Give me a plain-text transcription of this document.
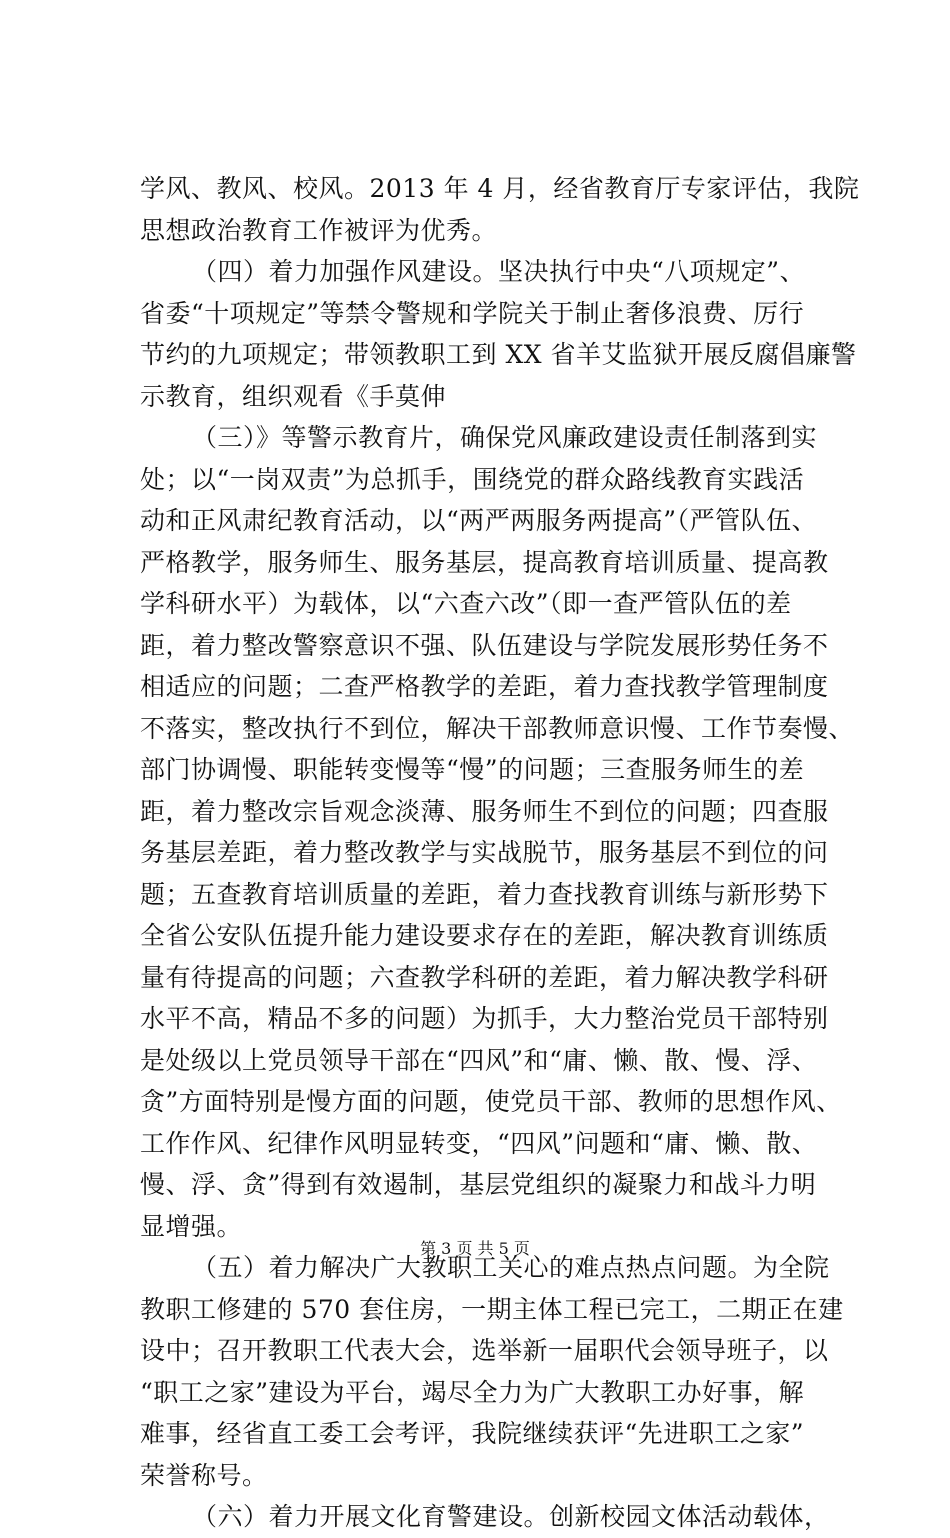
学风、教风、校风。2013 年 4 月，经省教育厅专家评估，我院
思想政治教育工作被评为优秀。
（四）着力加强作风建设。坚决执行中央“八项规定”、
省委“十项规定”等禁令警规和学院关于制止奢侈浪费、厉行
节约的九项规定；带领教职工到 XX 省羊艾监狱开展反腐倡廉警
示教育，组织观看《手莫伸
（三）》等警示教育片，确保党风廉政建设责任制落到实
处；以“一岗双责”为总抓手，围绕党的群众路线教育实践活
动和正风肃纪教育活动，以“两严两服务两提高”（严管队伍、
严格教学，服务师生、服务基层，提高教育培训质量、提高教
学科研水平）为载体，以“六查六改”（即一查严管队伍的差
距，着力整改警察意识不强、队伍建设与学院发展形势任务不
相适应的问题；二查严格教学的差距，着力查找教学管理制度
不落实，整改执行不到位，解决干部教师意识慢、工作节奏慢、
部门协调慢、职能转变慢等“慢”的问题；三查服务师生的差
距，着力整改宗旨观念淡薄、服务师生不到位的问题；四查服
务基层差距，着力整改教学与实战脱节，服务基层不到位的问
题；五查教育培训质量的差距，着力查找教育训练与新形势下
全省公安队伍提升能力建设要求存在的差距，解决教育训练质
量有待提高的问题；六查教学科研的差距，着力解决教学科研
水平不高，精品不多的问题）为抓手，大力整治党员干部特别
是处级以上党员领导干部在“四风”和“庸、懒、散、慢、浮、
贪”方面特别是慢方面的问题，使党员干部、教师的思想作风、
工作作风、纪律作风明显转变，“四风”问题和“庸、懒、散、
慢、浮、贪”得到有效遏制，基层党组织的凝聚力和战斗力明
显增强。
（五）着力解决广大教职工关心的难点热点问题。为全院
教职工修建的 570 套住房，一期主体工程已完工，二期正在建
设中；召开教职工代表大会，选举新一届职代会领导班子，以
“职工之家”建设为平台，竭尽全力为广大教职工办好事，解
难事，经省直工委工会考评，我院继续获评“先进职工之家”
荣誉称号。
（六）着力开展文化育警建设。创新校园文体活动载体，
第 3 页 共 5 页
